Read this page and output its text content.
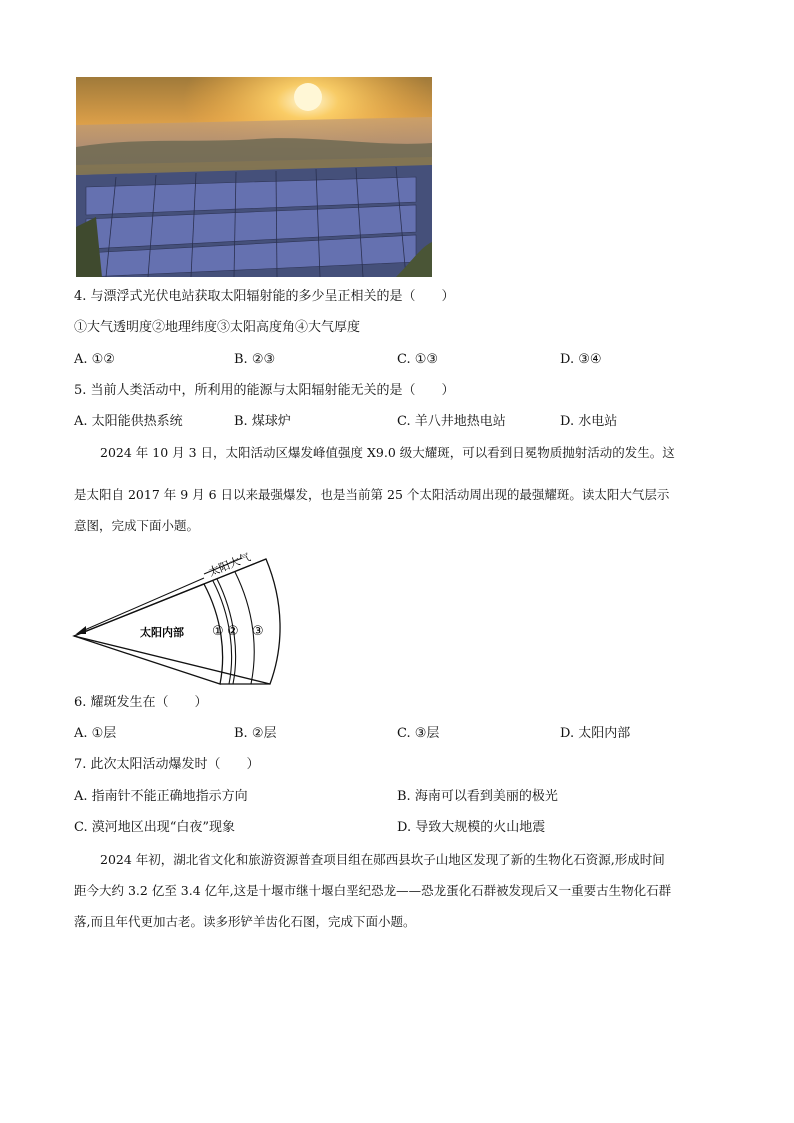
4. 与漂浮式光伏电站获取太阳辐射能的多少呈正相关的是（　　）
①大气透明度②地理纬度③太阳高度角④大气厚度
A. ①②	B. ②③	C. ①③	D. ③④
5. 当前人类活动中，所利用的能源与太阳辐射能无关的是（　　）
A. 太阳能供热系统	B. 煤球炉	C. 羊八井地热电站	D. 水电站
2024 年 10 月 3 日，太阳活动区爆发峰值强度 X9.0 级大耀斑，可以看到日冕物质抛射活动的发生。这
是太阳自 2017 年 9 月 6 日以来最强爆发，也是当前第 25 个太阳活动周出现的最强耀斑。读太阳大气层示
意图，完成下面小题。
太阳大气
太阳内部 ① ② ③
6. 耀斑发生在（　　）
A. ①层	B. ②层	C. ③层	D. 太阳内部
7. 此次太阳活动爆发时（　　）
A. 指南针不能正确地指示方向	B. 海南可以看到美丽的极光
C. 漠河地区出现“白夜”现象	D. 导致大规模的火山地震
2024 年初，湖北省文化和旅游资源普查项目组在郧西县坎子山地区发现了新的生物化石资源,形成时间
距今大约 3.2 亿至 3.4 亿年,这是十堰市继十堰白垩纪恐龙——恐龙蛋化石群被发现后又一重要古生物化石群
落,而且年代更加古老。读多形铲羊齿化石图，完成下面小题。
